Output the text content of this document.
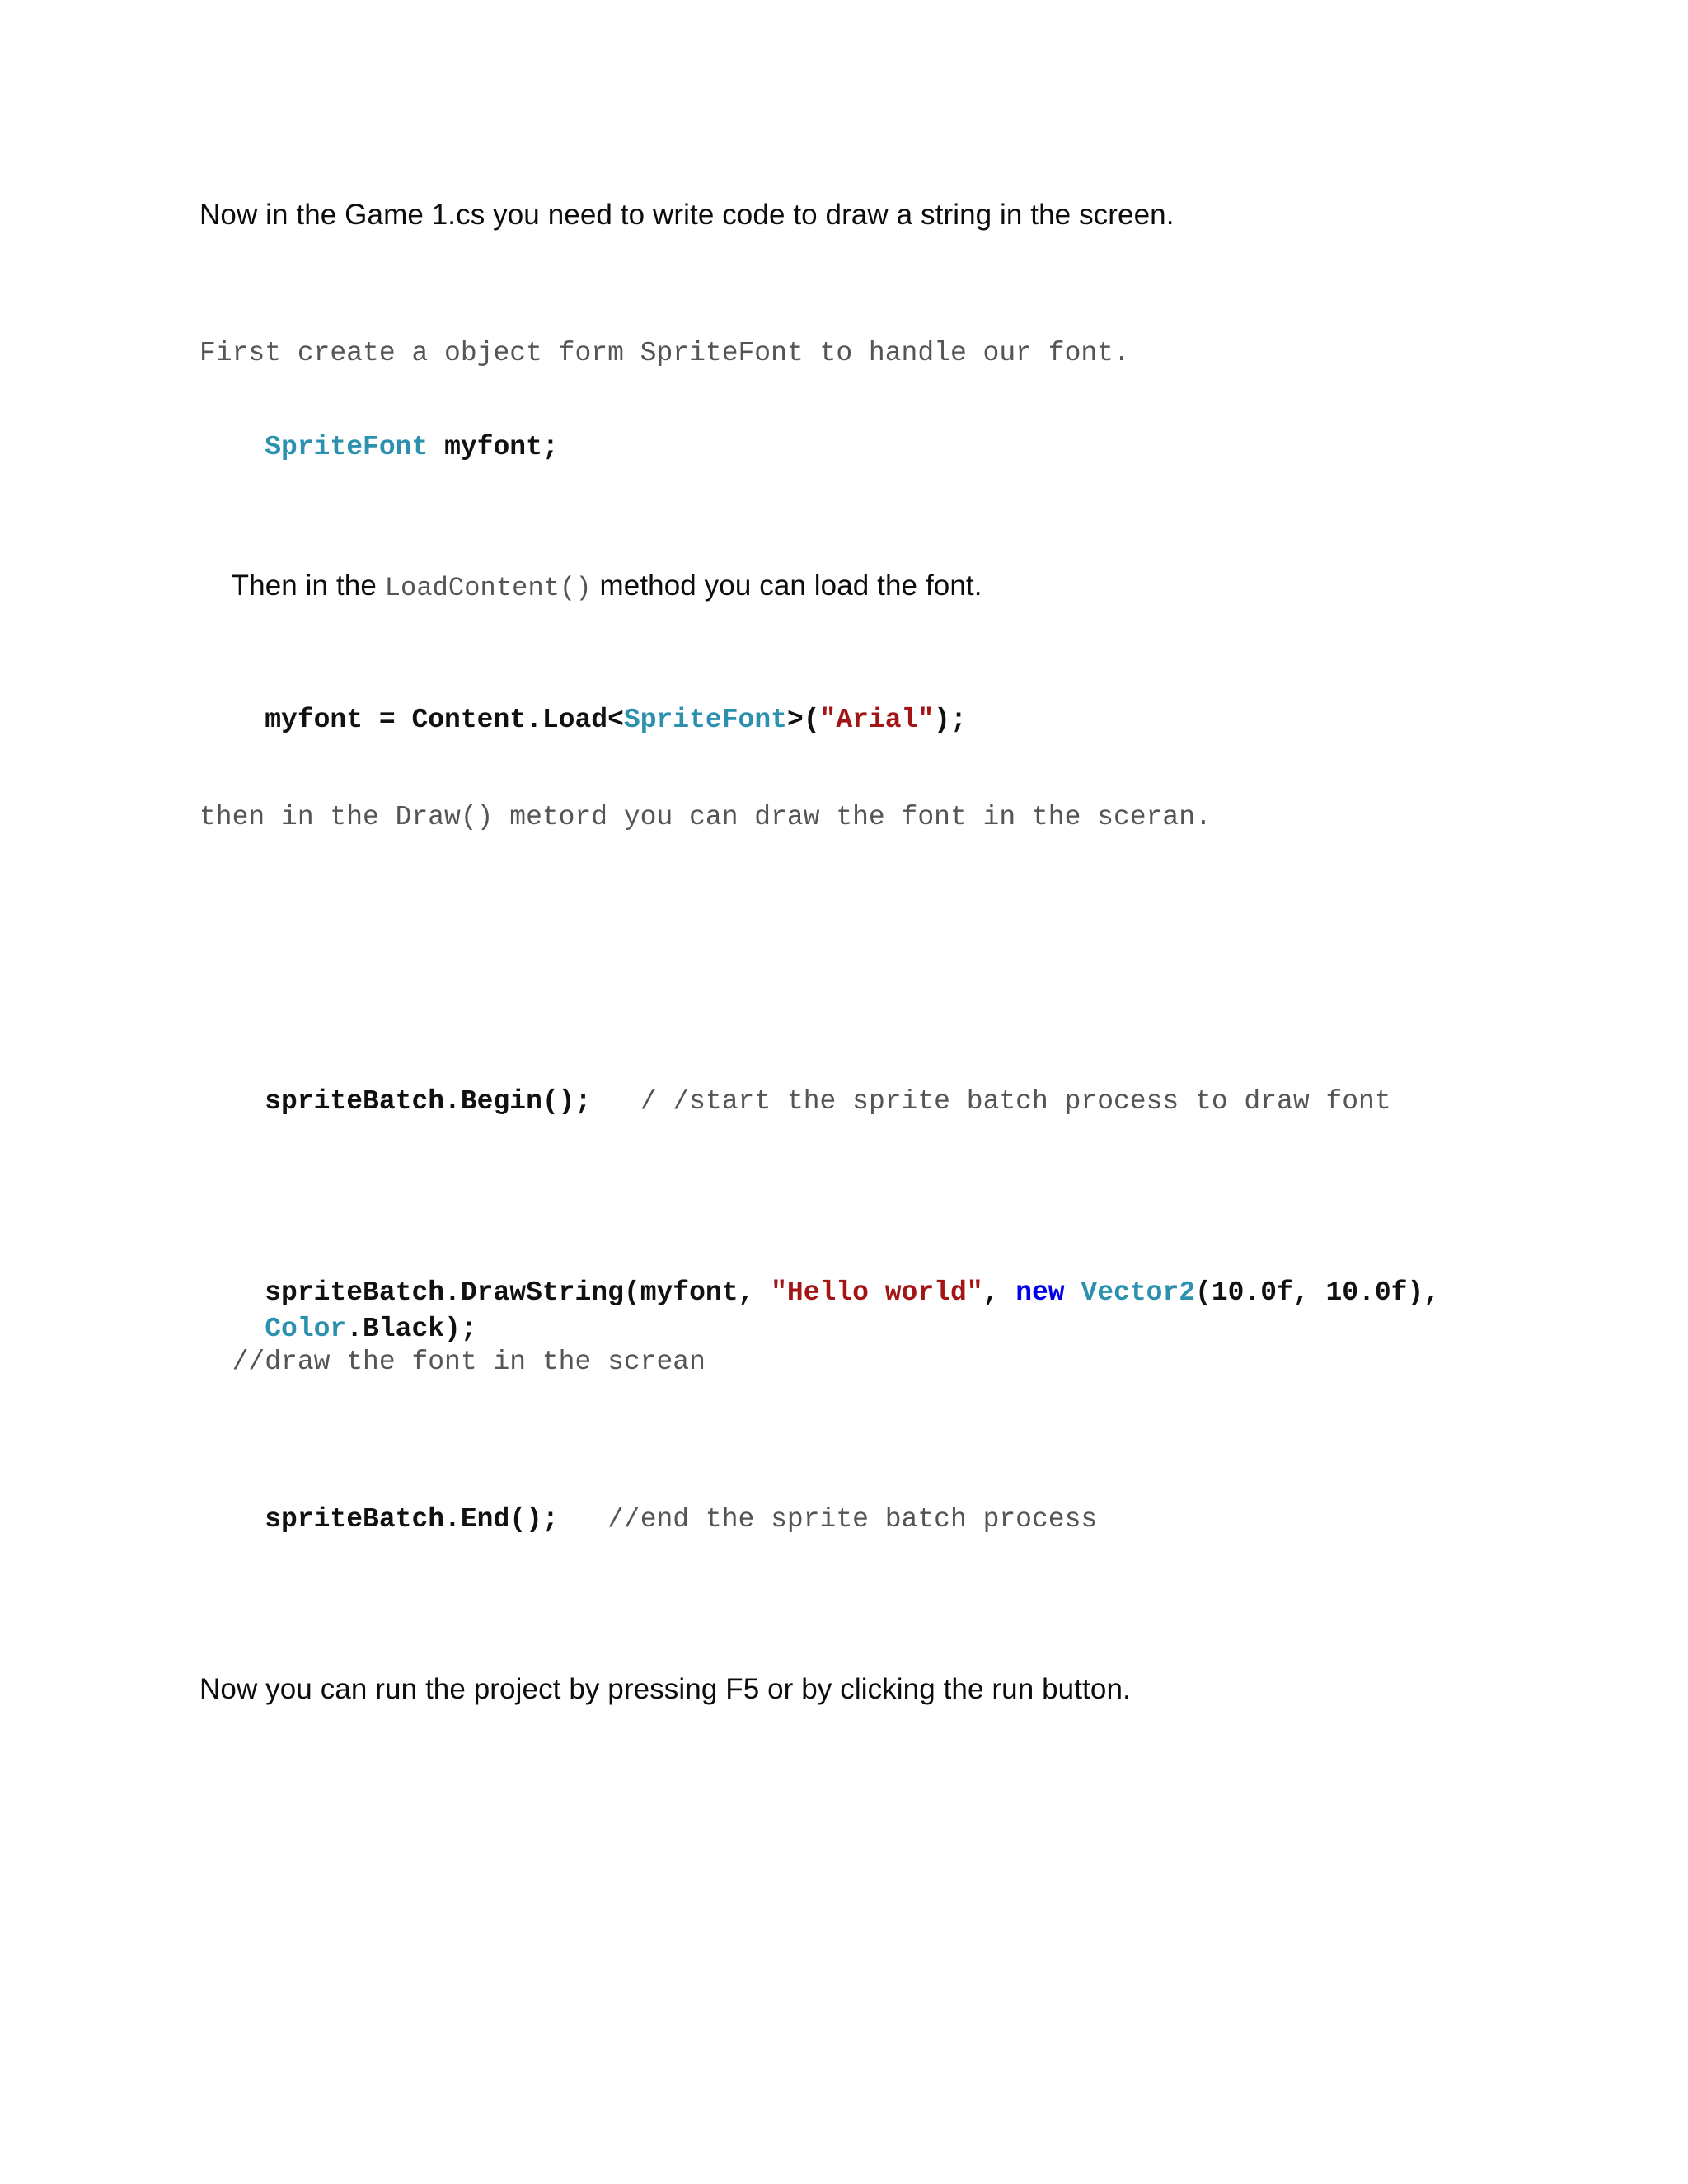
Now in the Game 1.cs you need to write code to draw a string in the screen.
First create a object form SpriteFont to handle our font.

SpriteFont myfont;

Then in the LoadContent() method you can load the font.

myfont = Content.Load<SpriteFont>("Arial");

then in the Draw() metord you can draw the font in the sceran.

spriteBatch.Begin();   / /start the sprite batch process to draw font

spriteBatch.DrawString(myfont, "Hello world", new Vector2(10.0f, 10.0f),

Color.Black);

//draw the font in the screan

spriteBatch.End();   //end the sprite batch process

Now you can run the project by pressing F5 or by clicking the run button.
